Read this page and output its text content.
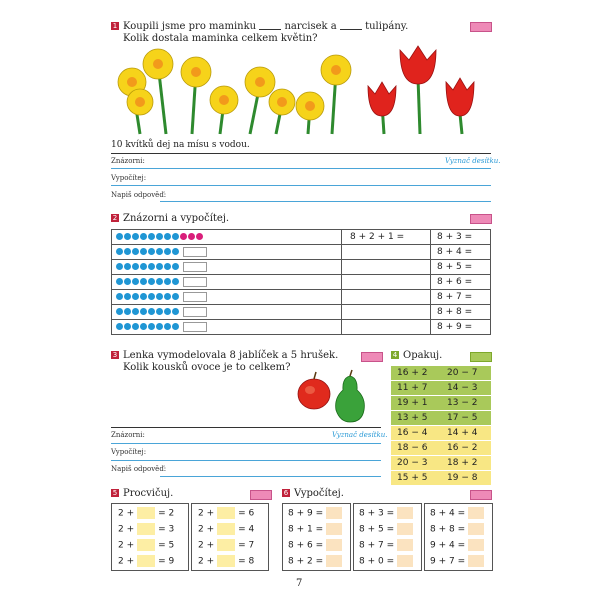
1 Koupili jsme pro maminku	narcisek a	tulipány.
Kolik dostala maminka celkem květin?
10 kvítků dej na mísu s vodou.
Znázorni:	Vyznač desítku.
Vypočítej:
Napiš odpověď:
2 Znázorni a vypočítej.
	8 + 2 + 1 =	8 + 3 =
		8 + 4 =
		8 + 5 =
		8 + 6 =
		8 + 7 =
		8 + 8 =
		8 + 9 =
3 Lenka vymodelovala 8 jablíček a 5 hrušek.
Kolik kousků ovoce je to celkem?
Znázorni:	Vyznač desítku.
Vypočítej:
Napiš odpověď:
4 Opakuj.
16 + 2	20 − 7
11 + 7	14 − 3
19 + 1	13 − 2
13 + 5	17 − 5
16 − 4	14 + 4
18 − 6	16 − 2
20 − 3	18 + 2
15 + 5	19 − 8
5 Procvičuj.
2 +	= 2
2 +	= 3
2 +	= 5
2 +	= 9
2 +	= 6
2 +	= 4
2 +	= 7
2 +	= 8
6 Vypočítej.
8 + 9 =
8 + 1 =
8 + 6 =
8 + 2 =
8 + 3 =
8 + 5 =
8 + 7 =
8 + 0 =
8 + 4 =
8 + 8 =
9 + 4 =
9 + 7 =
7
